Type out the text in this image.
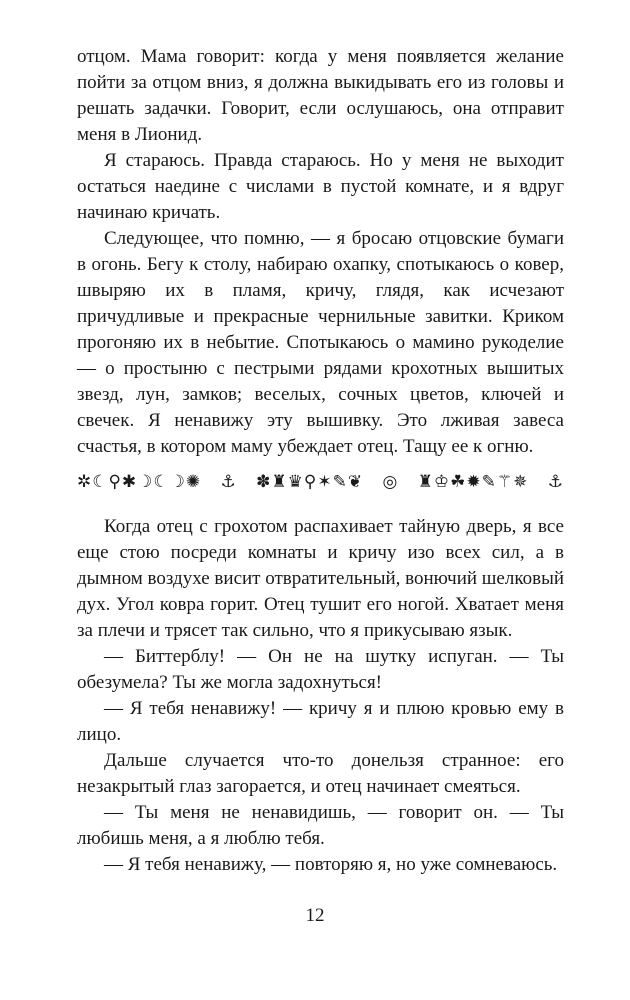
отцом. Мама говорит: когда у меня появляется желание пойти за отцом вниз, я должна выкидывать его из головы и решать задачки. Говорит, если ослушаюсь, она отправит меня в Лионид.

Я стараюсь. Правда стараюсь. Но у меня не выходит остаться наедине с числами в пустой комнате, и я вдруг начинаю кричать.

Следующее, что помню, — я бросаю отцовские бумаги в огонь. Бегу к столу, набираю охапку, спотыкаюсь о ковер, швыряю их в пламя, кричу, глядя, как исчезают причудливые и прекрасные чернильные завитки. Криком прогоняю их в небытие. Спотыкаюсь о мамино рукоделие — о простыню с пестрыми рядами крохотных вышитых звезд, лун, замков; веселых, сочных цветов, ключей и свечек. Я ненавижу эту вышивку. Это лживая завеса счастья, в котором маму убеждает отец. Тащу ее к огню.

✲☾⚲✱☽☾☽✺⚓✽♜♛⚲✶✎❦◎♜♔☘✹✎⚚✵⚓

Когда отец с грохотом распахивает тайную дверь, я все еще стою посреди комнаты и кричу изо всех сил, а в дымном воздухе висит отвратительный, вонючий шелковый дух. Угол ковра горит. Отец тушит его ногой. Хватает меня за плечи и трясет так сильно, что я прикусываю язык.

— Биттерблу! — Он не на шутку испуган. — Ты обезумела? Ты же могла задохнуться!

— Я тебя ненавижу! — кричу я и плюю кровью ему в лицо.

Дальше случается что-то донельзя странное: его незакрытый глаз загорается, и отец начинает смеяться.

— Ты меня не ненавидишь, — говорит он. — Ты любишь меня, а я люблю тебя.

— Я тебя ненавижу, — повторяю я, но уже сомневаюсь.

12
